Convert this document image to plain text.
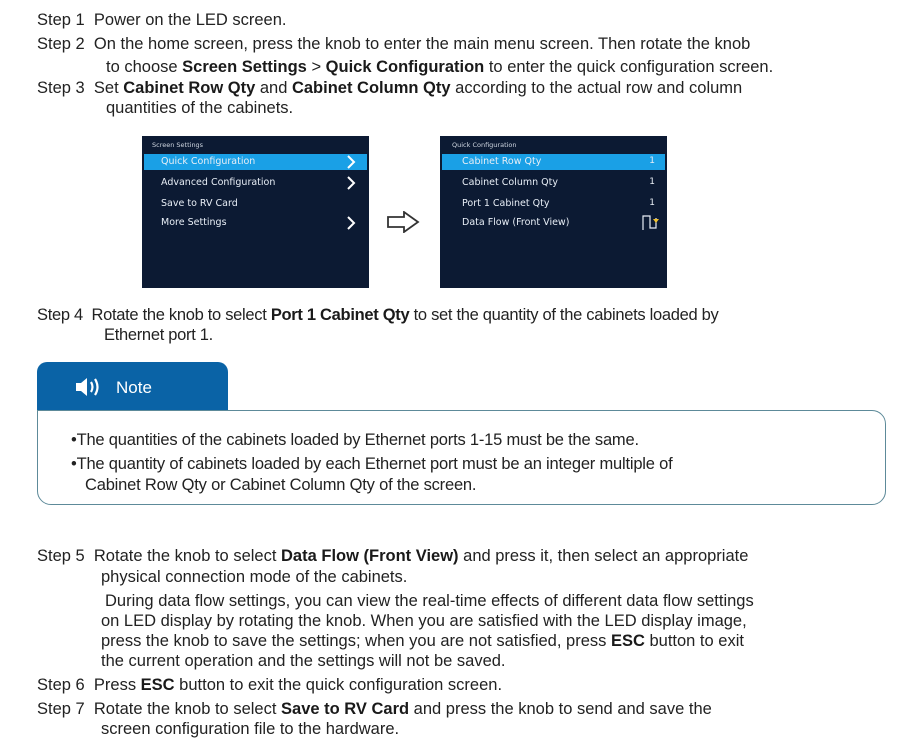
Step 1 Power on the LED screen.
Step 2 On the home screen, press the knob to enter the main menu screen. Then rotate the knob
to choose Screen Settings > Quick Configuration to enter the quick configuration screen.
Step 3 Set Cabinet Row Qty and Cabinet Column Qty according to the actual row and column
quantities of the cabinets.
Screen Settings
Quick Configuration
Advanced Configuration
Save to RV Card
More Settings
Quick Configuration
Cabinet Row Qty	1
Cabinet Column Qty	1
Port 1 Cabinet Qty	1
Data Flow (Front View)
Step 4 Rotate the knob to select Port 1 Cabinet Qty to set the quantity of the cabinets loaded by
Ethernet port 1.
Note
•The quantities of the cabinets loaded by Ethernet ports 1-15 must be the same.
•The quantity of cabinets loaded by each Ethernet port must be an integer multiple of
Cabinet Row Qty or Cabinet Column Qty of the screen.
Step 5 Rotate the knob to select Data Flow (Front View) and press it, then select an appropriate
physical connection mode of the cabinets.
During data flow settings, you can view the real-time effects of different data flow settings
on LED display by rotating the knob. When you are satisfied with the LED display image,
press the knob to save the settings; when you are not satisfied, press ESC button to exit
the current operation and the settings will not be saved.
Step 6 Press ESC button to exit the quick configuration screen.
Step 7 Rotate the knob to select Save to RV Card and press the knob to send and save the
screen configuration file to the hardware.
